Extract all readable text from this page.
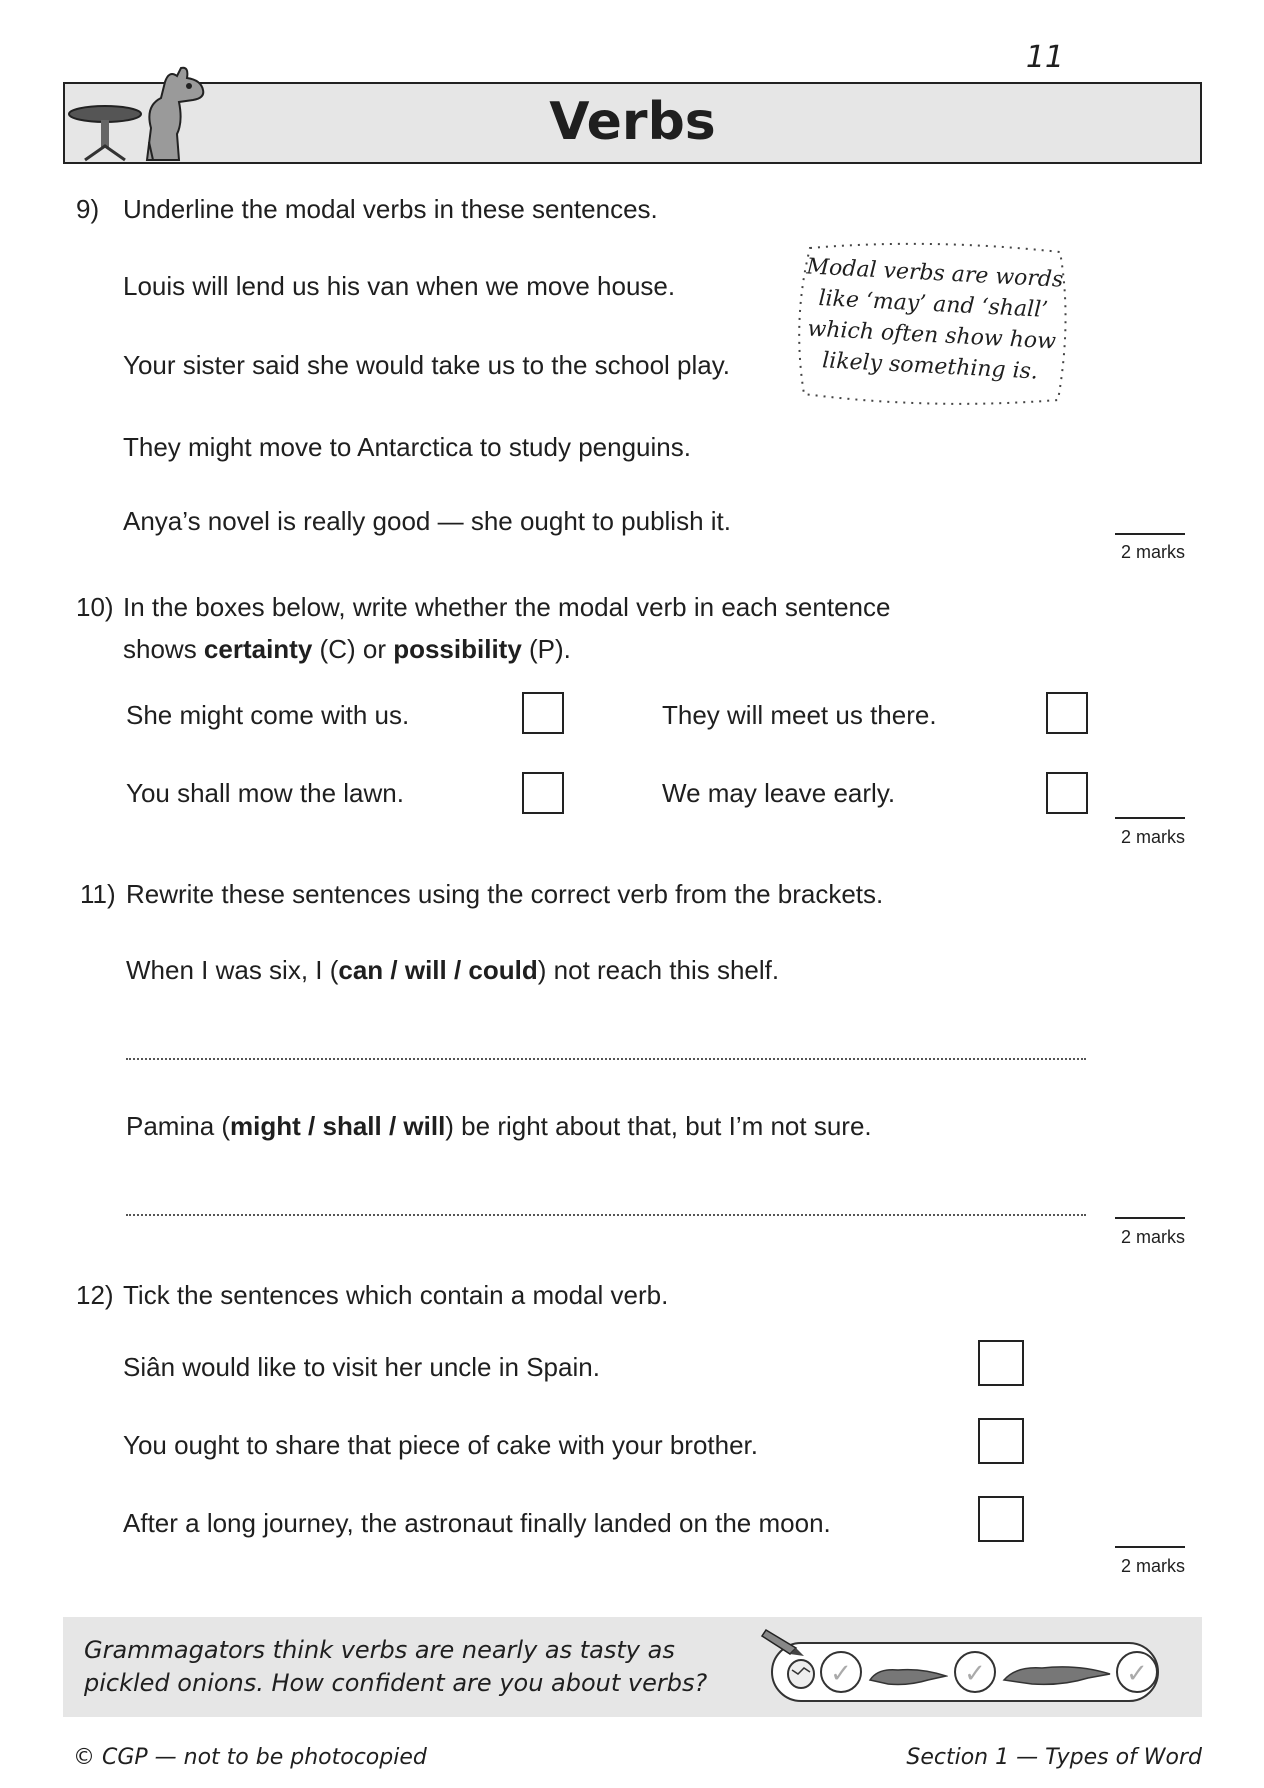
11
Verbs
9) Underline the modal verbs in these sentences.
Louis will lend us his van when we move house.
Your sister said she would take us to the school play.
They might move to Antarctica to study penguins.
Anya’s novel is really good — she ought to publish it.
2 marks
Modal verbs are words
like ‘may’ and ‘shall’
which often show how
likely something is.
10) In the boxes below, write whether the modal verb in each sentence
shows certainty (C) or possibility (P).
She might come with us.	They will meet us there.
You shall mow the lawn.	We may leave early.
2 marks
11) Rewrite these sentences using the correct verb from the brackets.
When I was six, I (can / will / could) not reach this shelf.
Pamina (might / shall / will) be right about that, but I’m not sure.
2 marks
12) Tick the sentences which contain a modal verb.
Siân would like to visit her uncle in Spain.
You ought to share that piece of cake with your brother.
After a long journey, the astronaut finally landed on the moon.
2 marks
Grammagators think verbs are nearly as tasty as
pickled onions. How confident are you about verbs?	✓	✓	✓
© CGP — not to be photocopied	Section 1 — Types of Word
